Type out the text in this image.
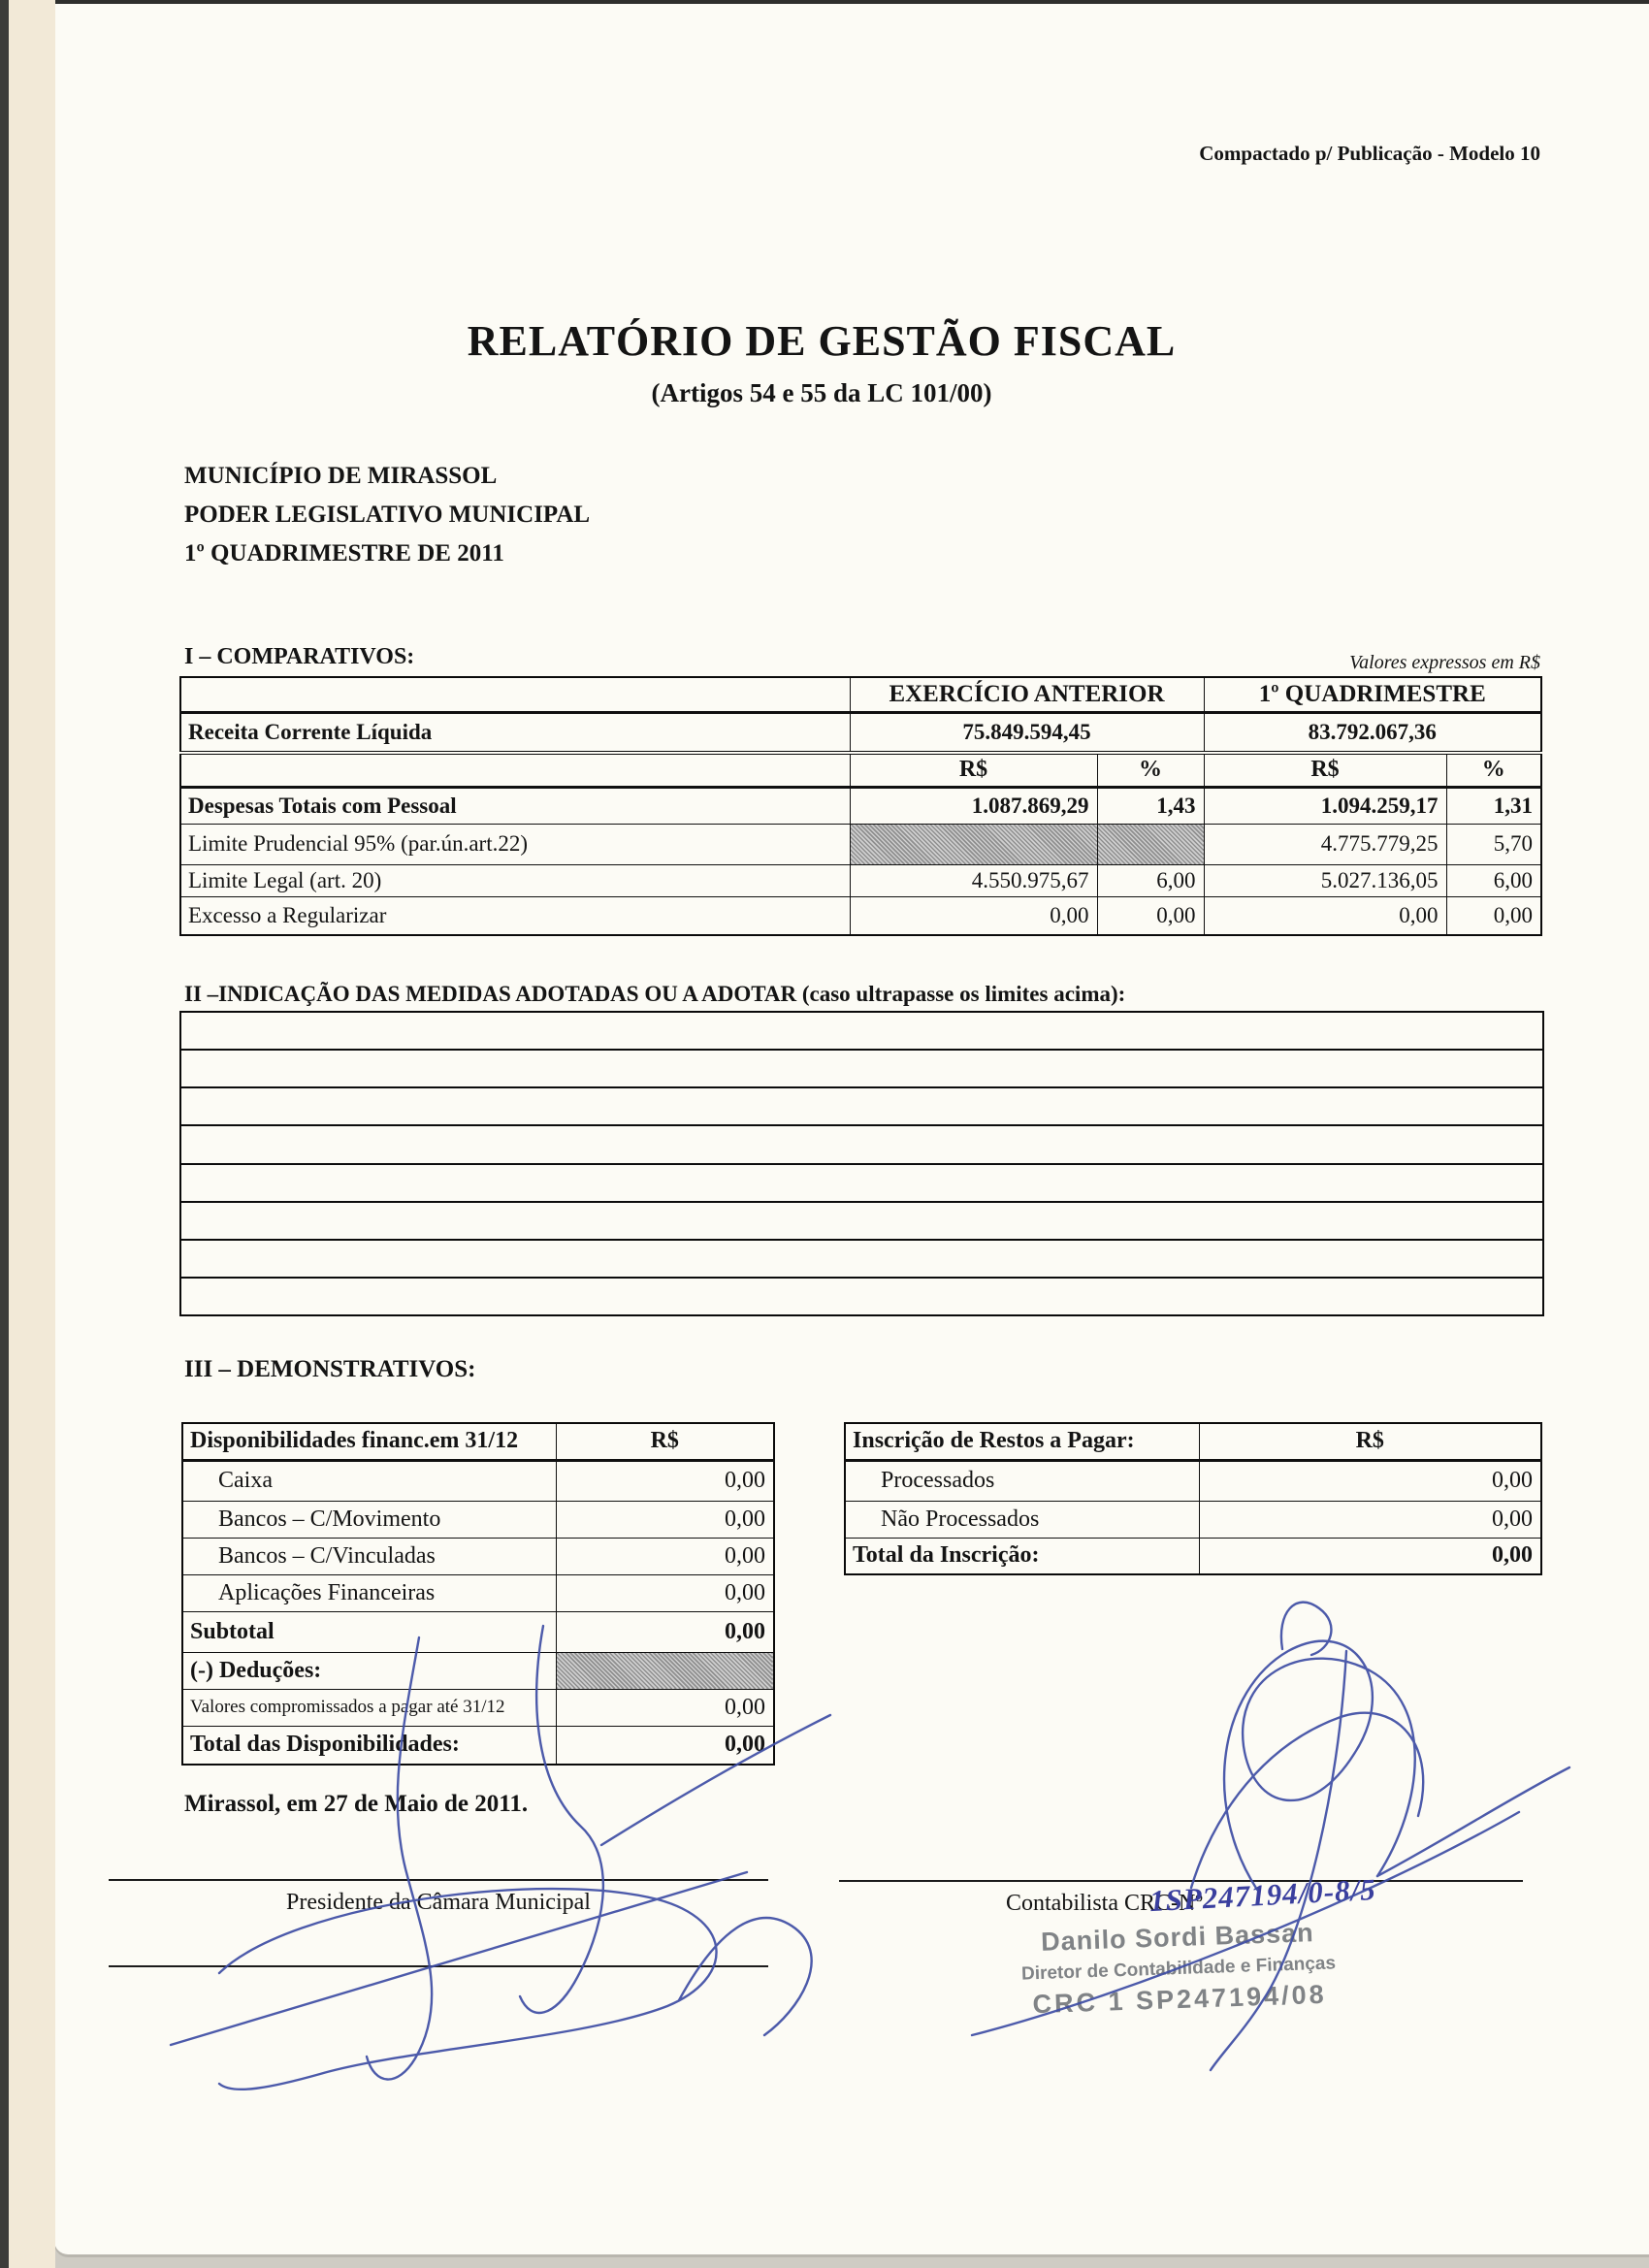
Compactado p/ Publicação - Modelo 10
RELATÓRIO DE GESTÃO FISCAL
(Artigos 54 e 55 da LC 101/00)
MUNICÍPIO DE MIRASSOL
PODER LEGISLATIVO MUNICIPAL
1º QUADRIMESTRE DE 2011
I – COMPARATIVOS:	Valores expressos em R$
	EXERCÍCIO ANTERIOR		1º QUADRIMESTRE	
Receita Corrente Líquida	75.849.594,45		83.792.067,36	
	R$	%	R$	%
Despesas Totais com Pessoal	1.087.869,29	1,43	1.094.259,17	1,31
Limite Prudencial 95% (par.ún.art.22)			4.775.779,25	5,70
Limite Legal (art. 20)	4.550.975,67	6,00	5.027.136,05	6,00
Excesso a Regularizar	0,00	0,00	0,00	0,00
II –INDICAÇÃO DAS MEDIDAS ADOTADAS OU A ADOTAR (caso ultrapasse os limites acima):
III – DEMONSTRATIVOS:
Disponibilidades financ.em 31/12	R$
Caixa	0,00
Bancos – C/Movimento	0,00
Bancos – C/Vinculadas	0,00
Aplicações Financeiras	0,00
Subtotal	0,00
(-) Deduções:	
Valores compromissados a pagar até 31/12	0,00
Total das Disponibilidades:	0,00
Inscrição de Restos a Pagar:	R$
Processados	0,00
Não Processados	0,00
Total da Inscrição:	0,00
Mirassol, em 27 de Maio de 2011.
Presidente da Câmara Municipal	Contabilista CRC-Nº
1SP247194/0-8/5
Danilo Sordi Bassan
Diretor de Contabilidade e Finanças
CRC 1 SP247194/08
